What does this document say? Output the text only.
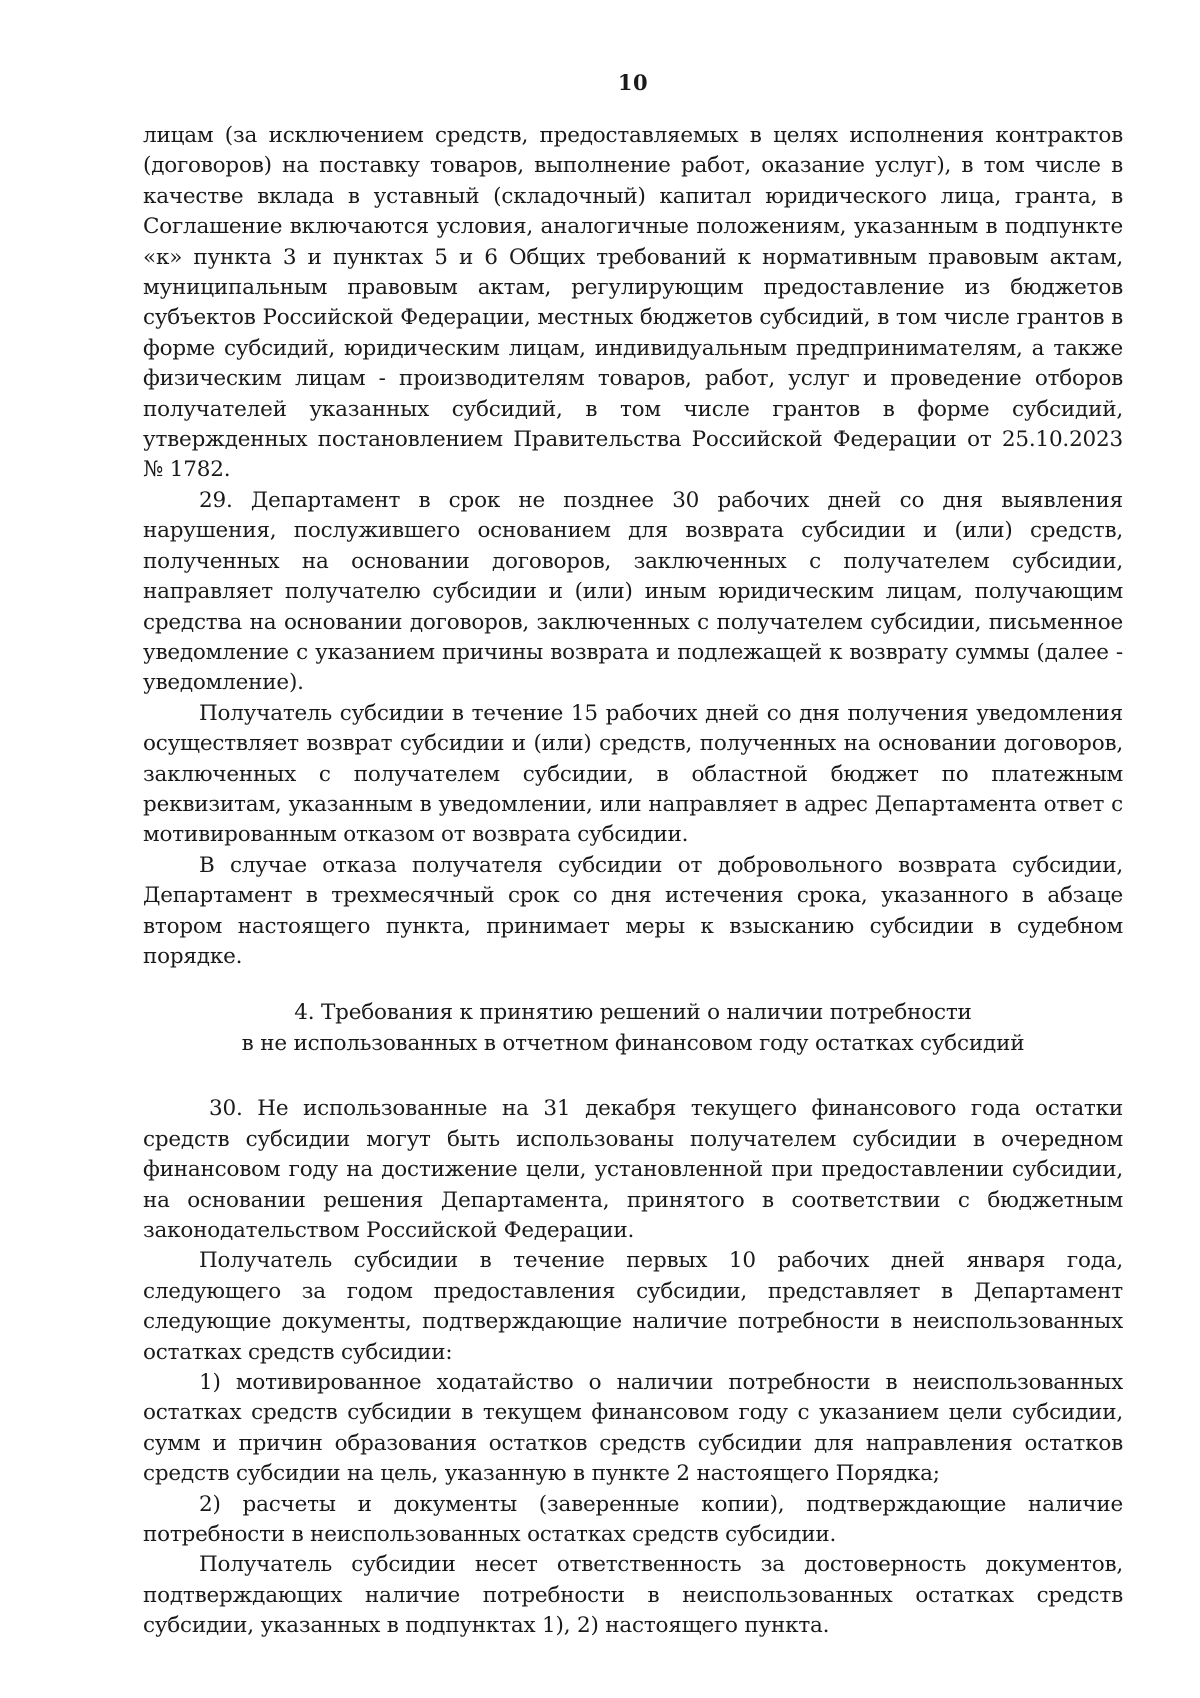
10

лицам (за исключением средств, предоставляемых в целях исполнения контрактов (договоров) на поставку товаров, выполнение работ, оказание услуг), в том числе в качестве вклада в уставный (складочный) капитал юридического лица, гранта, в Соглашение включаются условия, аналогичные положениям, указанным в подпункте «к» пункта 3 и пунктах 5 и 6 Общих требований к нормативным правовым актам, муниципальным правовым актам, регулирующим предоставление из бюджетов субъектов Российской Федерации, местных бюджетов субсидий, в том числе грантов в форме субсидий, юридическим лицам, индивидуальным предпринимателям, а также физическим лицам - производителям товаров, работ, услуг и проведение отборов получателей указанных субсидий, в том числе грантов в форме субсидий, утвержденных постановлением Правительства Российской Федерации от 25.10.2023 № 1782.

29. Департамент в срок не позднее 30 рабочих дней со дня выявления нарушения, послужившего основанием для возврата субсидии и (или) средств, полученных на основании договоров, заключенных с получателем субсидии, направляет получателю субсидии и (или) иным юридическим лицам, получающим средства на основании договоров, заключенных с получателем субсидии, письменное уведомление с указанием причины возврата и подлежащей к возврату суммы (далее - уведомление).

Получатель субсидии в течение 15 рабочих дней со дня получения уведомления осуществляет возврат субсидии и (или) средств, полученных на основании договоров, заключенных с получателем субсидии, в областной бюджет по платежным реквизитам, указанным в уведомлении, или направляет в адрес Департамента ответ с мотивированным отказом от возврата субсидии.

В случае отказа получателя субсидии от добровольного возврата субсидии, Департамент в трехмесячный срок со дня истечения срока, указанного в абзаце втором настоящего пункта, принимает меры к взысканию субсидии в судебном порядке.

4. Требования к принятию решений о наличии потребности
в не использованных в отчетном финансовом году остатках субсидий

30. Не использованные на 31 декабря текущего финансового года остатки средств субсидии могут быть использованы получателем субсидии в очередном финансовом году на достижение цели, установленной при предоставлении субсидии, на основании решения Департамента, принятого в соответствии с бюджетным законодательством Российской Федерации.

Получатель субсидии в течение первых 10 рабочих дней января года, следующего за годом предоставления субсидии, представляет в Департамент следующие документы, подтверждающие наличие потребности в неиспользованных остатках средств субсидии:

1) мотивированное ходатайство о наличии потребности в неиспользованных остатках средств субсидии в текущем финансовом году с указанием цели субсидии, сумм и причин образования остатков средств субсидии для направления остатков средств субсидии на цель, указанную в пункте 2 настоящего Порядка;

2) расчеты и документы (заверенные копии), подтверждающие наличие потребности в неиспользованных остатках средств субсидии.

Получатель субсидии несет ответственность за достоверность документов, подтверждающих наличие потребности в неиспользованных остатках средств субсидии, указанных в подпунктах 1), 2) настоящего пункта.
